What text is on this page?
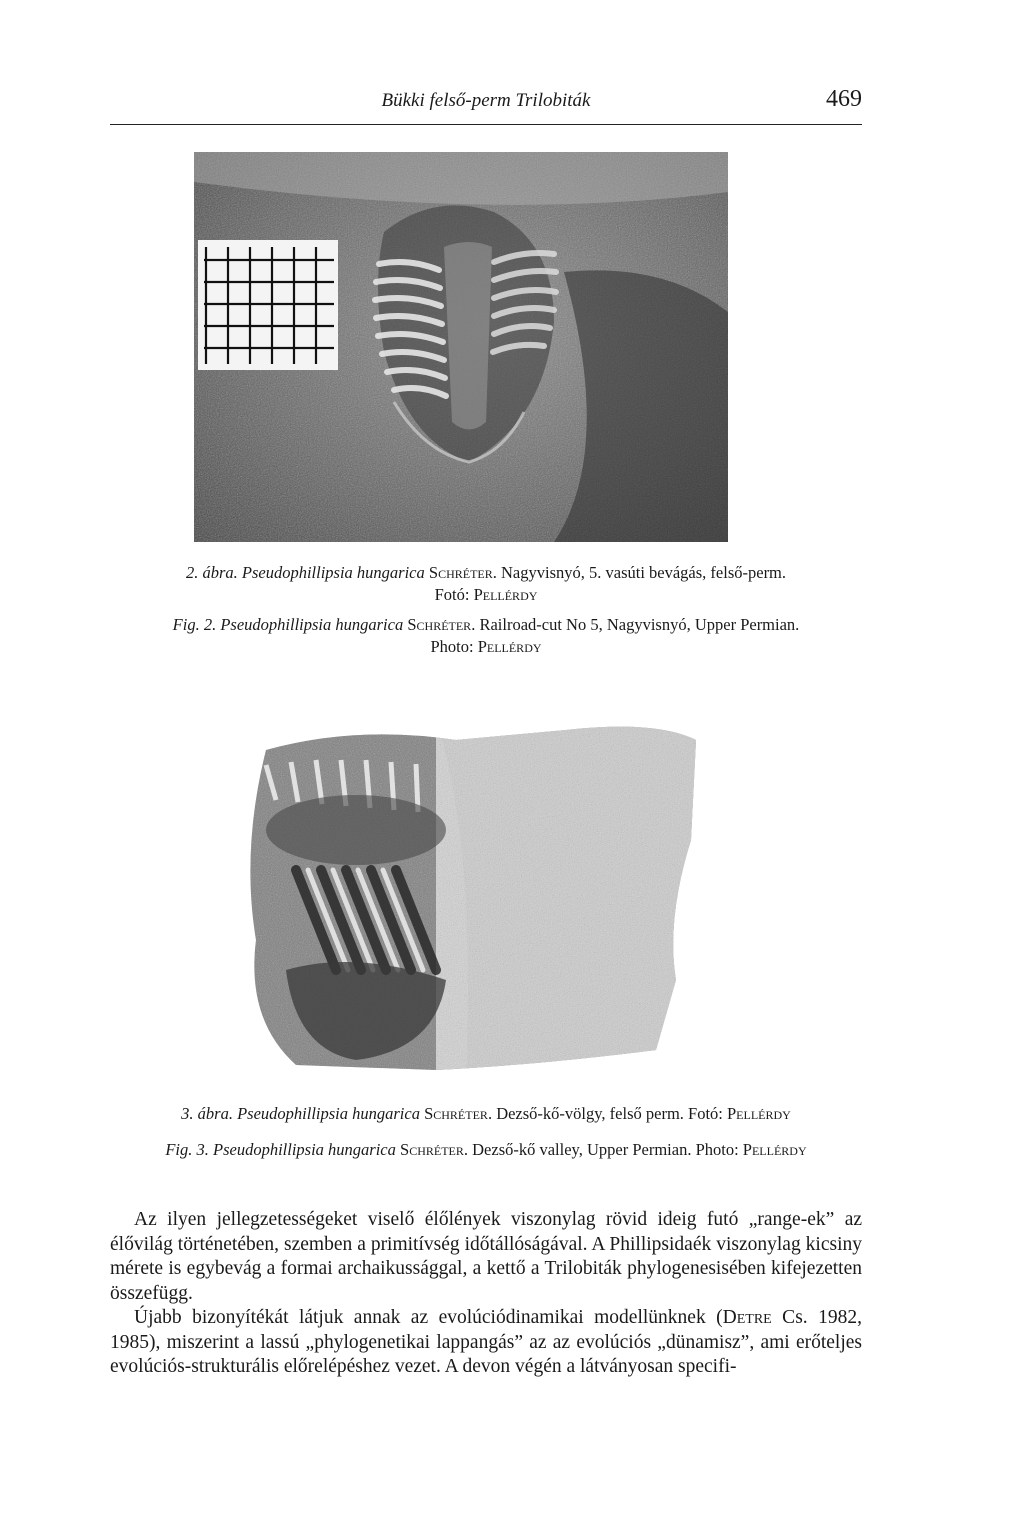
Bükki felső-perm Trilobiták	469
2. ábra. Pseudophillipsia hungarica Schréter. Nagyvisnyó, 5. vasúti bevágás, felső-perm.
Fotó: Pellérdy
Fig. 2. Pseudophillipsia hungarica Schréter. Railroad-cut No 5, Nagyvisnyó, Upper Permian.
Photo: Pellérdy
3. ábra. Pseudophillipsia hungarica Schréter. Dezső-kő-völgy, felső perm. Fotó: Pellérdy
Fig. 3. Pseudophillipsia hungarica Schréter. Dezső-kő valley, Upper Permian. Photo: Pellérdy

Az ilyen jellegzetességeket viselő élőlények viszonylag rövid ideig futó „range-ek” az élővilág történetében, szemben a primitívség időtállóságával. A Phillipsidaék viszonylag kicsiny mérete is egybevág a formai archaikussággal, a kettő a Trilobiták phylogenesisében kifejezetten összefügg.

Újabb bizonyítékát látjuk annak az evolúciódinamikai modellünknek (Detre Cs. 1982, 1985), miszerint a lassú „phylogenetikai lappangás” az az evolúciós „dünamisz”, ami erőteljes evolúciós-strukturális előrelépéshez vezet. A devon végén a látványosan specifi-
